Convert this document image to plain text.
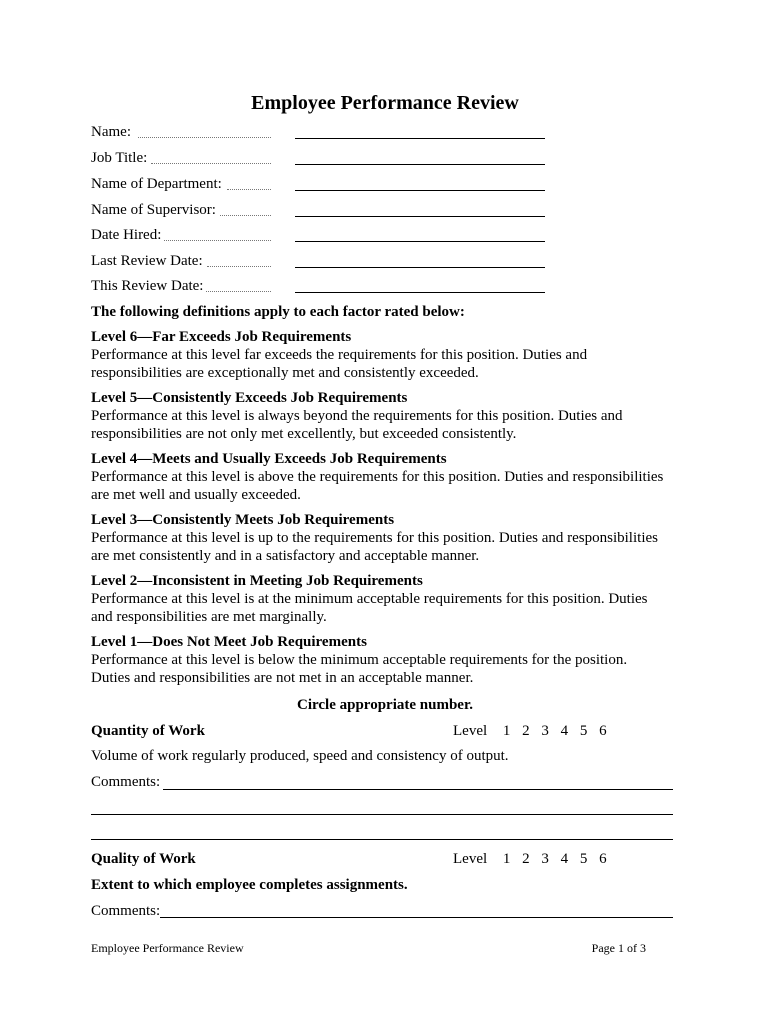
Employee Performance Review
Name:
Job Title:
Name of Department:
Name of Supervisor:
Date Hired:
Last Review Date:
This Review Date:
The following definitions apply to each factor rated below:
Level 6—Far Exceeds Job Requirements
Performance at this level far exceeds the requirements for this position. Duties and
responsibilities are exceptionally met and consistently exceeded.
Level 5—Consistently Exceeds Job Requirements
Performance at this level is always beyond the requirements for this position. Duties and
responsibilities are not only met excellently, but exceeded consistently.
Level 4—Meets and Usually Exceeds Job Requirements
Performance at this level is above the requirements for this position. Duties and responsibilities
are met well and usually exceeded.
Level 3—Consistently Meets Job Requirements
Performance at this level is up to the requirements for this position. Duties and responsibilities
are met consistently and in a satisfactory and acceptable manner.
Level 2—Inconsistent in Meeting Job Requirements
Performance at this level is at the minimum acceptable requirements for this position. Duties
and responsibilities are met marginally.
Level 1—Does Not Meet Job Requirements
Performance at this level is below the minimum acceptable requirements for the position.
Duties and responsibilities are not met in an acceptable manner.
Circle appropriate number.
Quantity of Work	Level 1 2 3 4 5 6
Volume of work regularly produced, speed and consistency of output.
Comments:
Quality of Work	Level 1 2 3 4 5 6
Extent to which employee completes assignments.
Comments:
Employee Performance Review	Page 1 of 3
